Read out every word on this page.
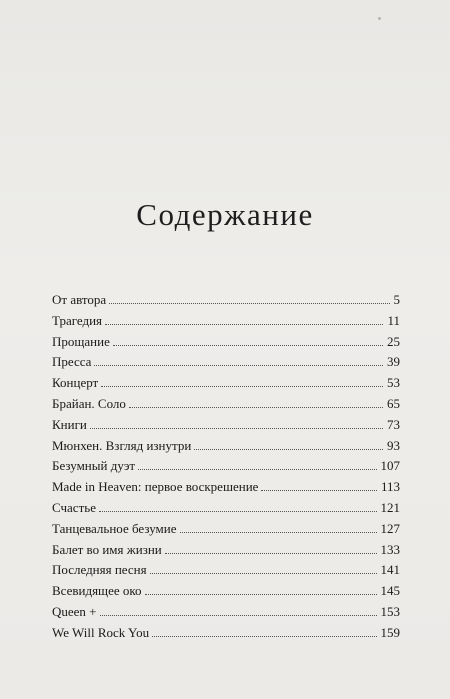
Содержание
От автора	5
Трагедия	11
Прощание	25
Пресса	39
Концерт	53
Брайан. Соло	65
Книги	73
Мюнхен. Взгляд изнутри	93
Безумный дуэт	107
Made in Heaven: первое воскрешение	113
Счастье	121
Танцевальное безумие	127
Балет во имя жизни	133
Последняя песня	141
Всевидящее око	145
Queen +	153
We Will Rock You	159
